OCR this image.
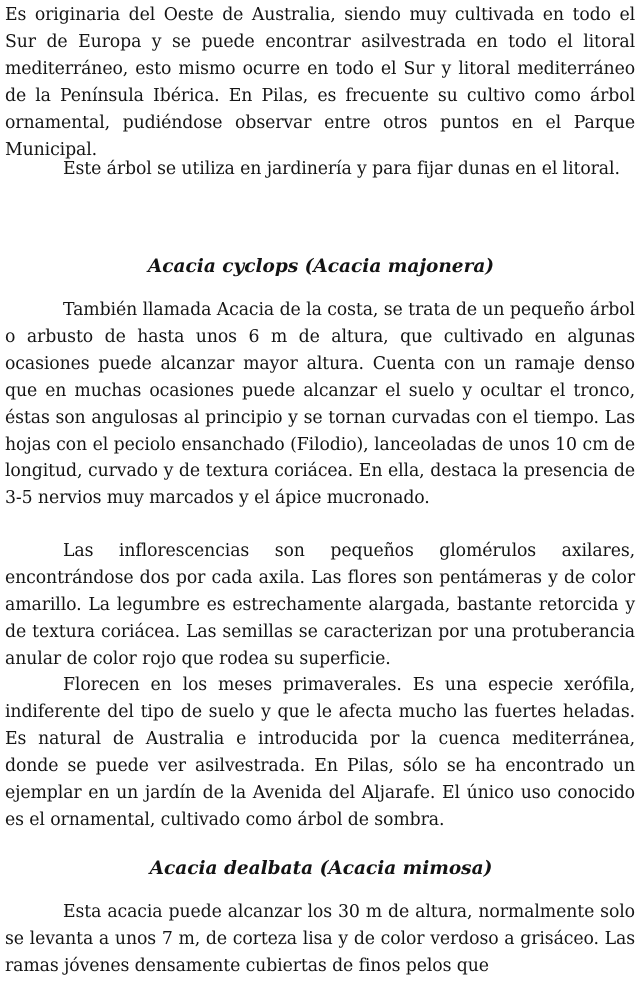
Es originaria del Oeste de Australia, siendo muy cultivada en todo el Sur de Europa y se puede encontrar asilvestrada en todo el litoral mediterráneo, esto mismo ocurre en todo el Sur y litoral mediterráneo de la Península Ibérica. En Pilas, es frecuente su cultivo como árbol ornamental, pudiéndose observar entre otros puntos en el Parque Municipal.

Este árbol se utiliza en jardinería y para fijar dunas en el litoral.

Acacia cyclops (Acacia majonera)

También llamada Acacia de la costa, se trata de un pequeño árbol o arbusto de hasta unos 6 m de altura, que cultivado en algunas ocasiones puede alcanzar mayor altura. Cuenta con un ramaje denso que en muchas ocasiones puede alcanzar el suelo y ocultar el tronco, éstas son angulosas al principio y se tornan curvadas con el tiempo. Las hojas con el peciolo ensanchado (Filodio), lanceoladas de unos 10 cm de longitud, curvado y de textura coriácea. En ella, destaca la presencia de 3-5 nervios muy marcados y el ápice mucronado.

Las inflorescencias son pequeños glomérulos axilares, encontrándose dos por cada axila. Las flores son pentámeras y de color amarillo. La legumbre es estrechamente alargada, bastante retorcida y de textura coriácea. Las semillas se caracterizan por una protuberancia anular de color rojo que rodea su superficie.

Florecen en los meses primaverales. Es una especie xerófila, indiferente del tipo de suelo y que le afecta mucho las fuertes heladas. Es natural de Australia e introducida por la cuenca mediterránea, donde se puede ver asilvestrada. En Pilas, sólo se ha encontrado un ejemplar en un jardín de la Avenida del Aljarafe. El único uso conocido es el ornamental, cultivado como árbol de sombra.

Acacia dealbata (Acacia mimosa)

Esta acacia puede alcanzar los 30 m de altura, normalmente solo se levanta a unos 7 m, de corteza lisa y de color verdoso a grisáceo. Las ramas jóvenes densamente cubiertas de finos pelos que
